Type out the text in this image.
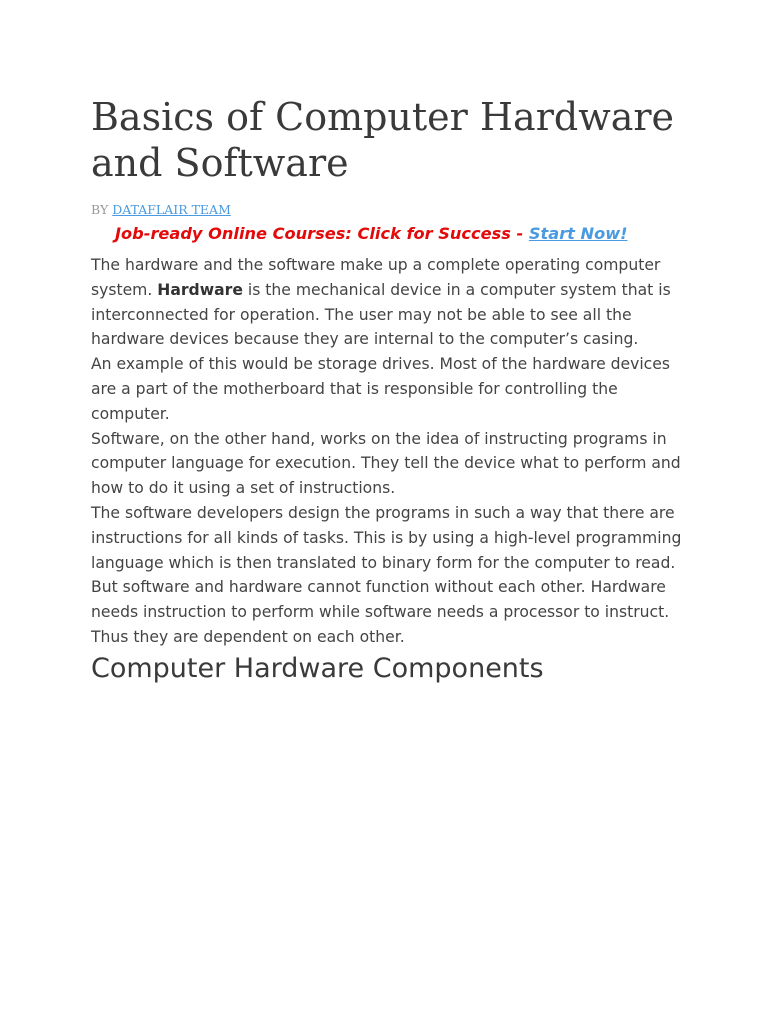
Basics of Computer Hardware and Software
BY DATAFLAIR TEAM
Job-ready Online Courses: Click for Success - Start Now!

The hardware and the software make up a complete operating computer system. Hardware is the mechanical device in a computer system that is interconnected for operation. The user may not be able to see all the hardware devices because they are internal to the computer’s casing.

An example of this would be storage drives. Most of the hardware devices are a part of the motherboard that is responsible for controlling the computer.

Software, on the other hand, works on the idea of instructing programs in computer language for execution. They tell the device what to perform and how to do it using a set of instructions.

The software developers design the programs in such a way that there are instructions for all kinds of tasks. This is by using a high-level programming language which is then translated to binary form for the computer to read.

But software and hardware cannot function without each other. Hardware needs instruction to perform while software needs a processor to instruct. Thus they are dependent on each other.

Computer Hardware Components
